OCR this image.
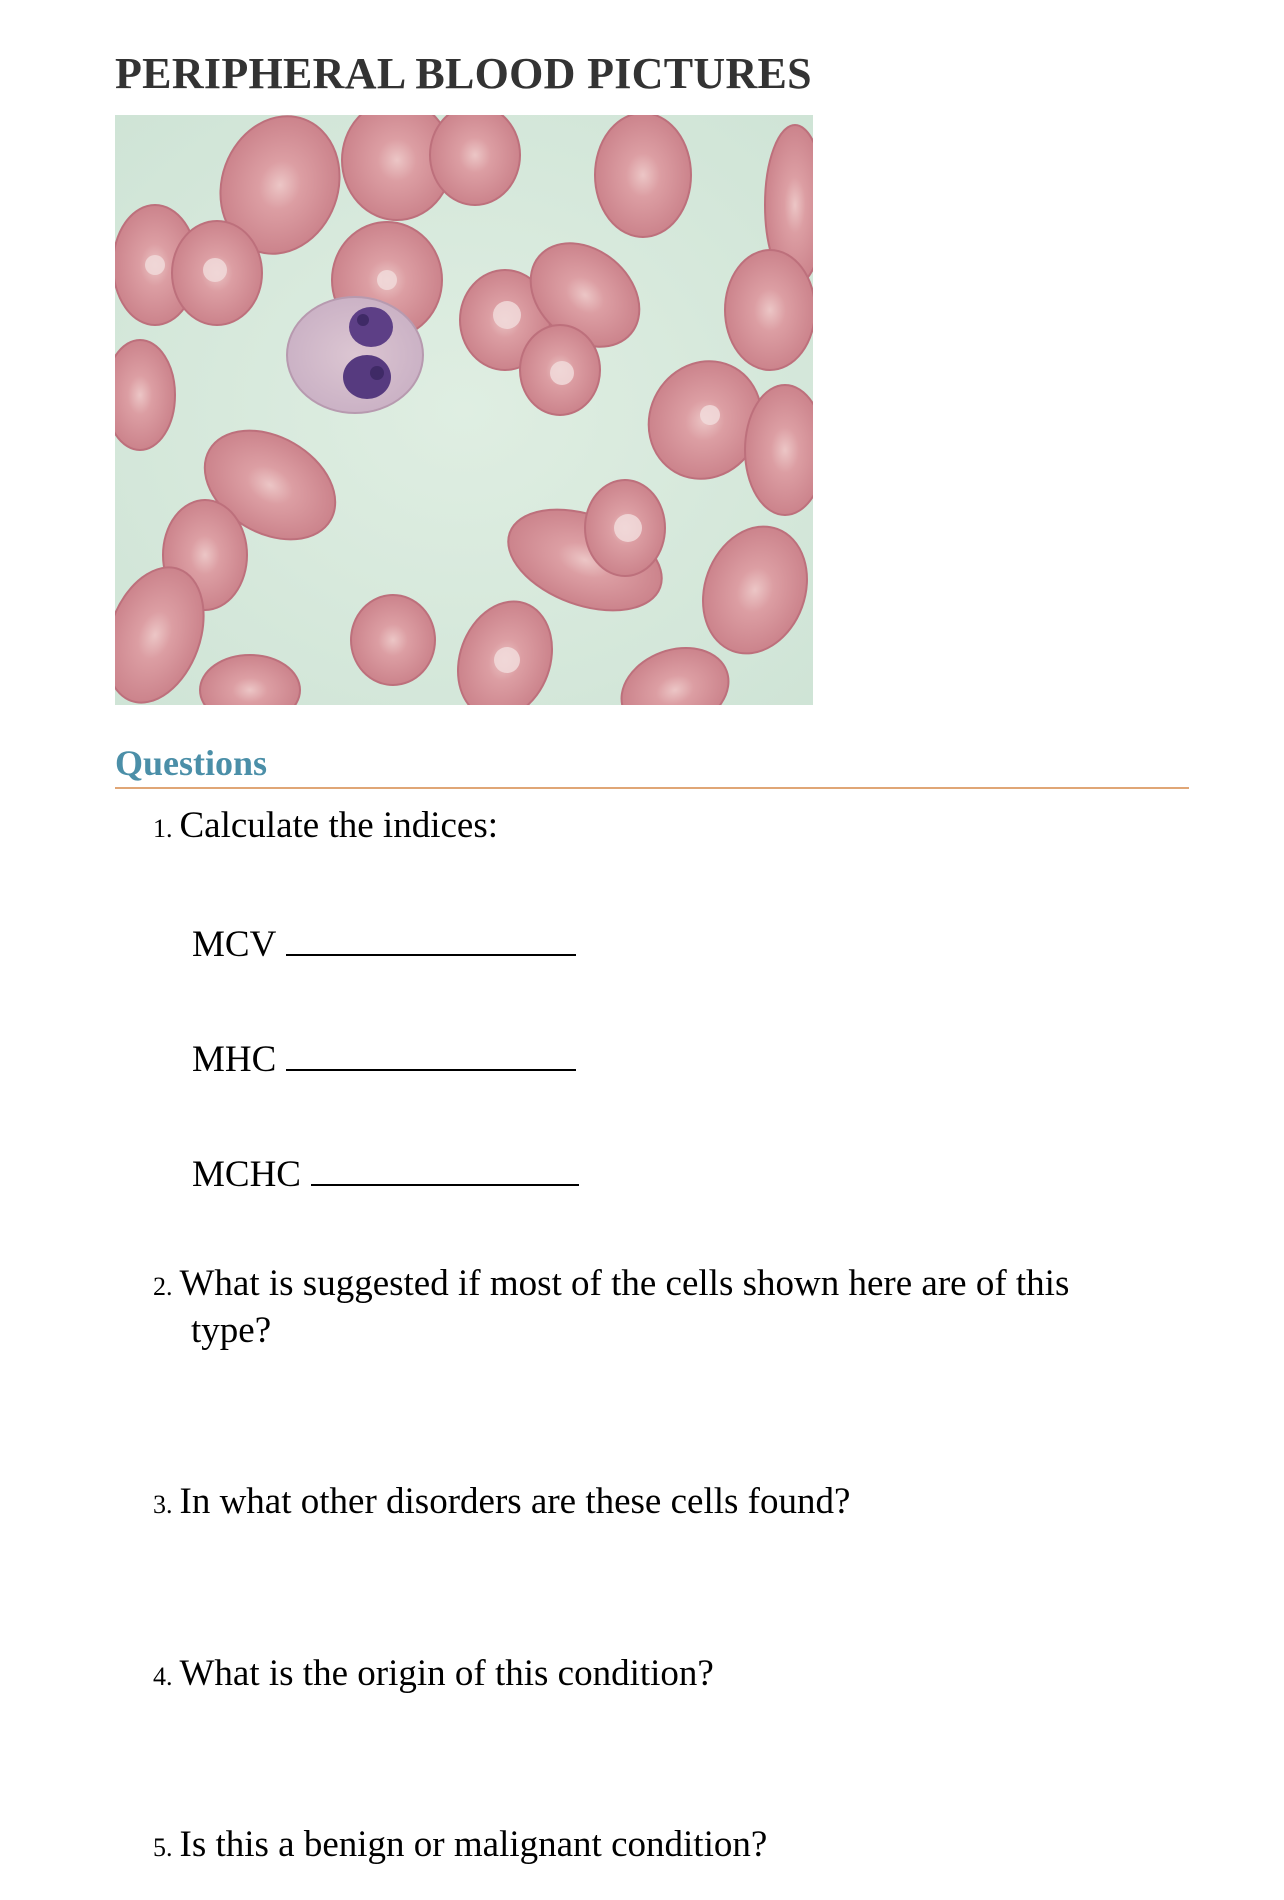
PERIPHERAL BLOOD PICTURES
Questions
1. Calculate the indices:
MCV
MHC
MCHC
2. What is suggested if most of the cells shown here are of this
type?
3. In what other disorders are these cells found?
4. What is the origin of this condition?
5. Is this a benign or malignant condition?
